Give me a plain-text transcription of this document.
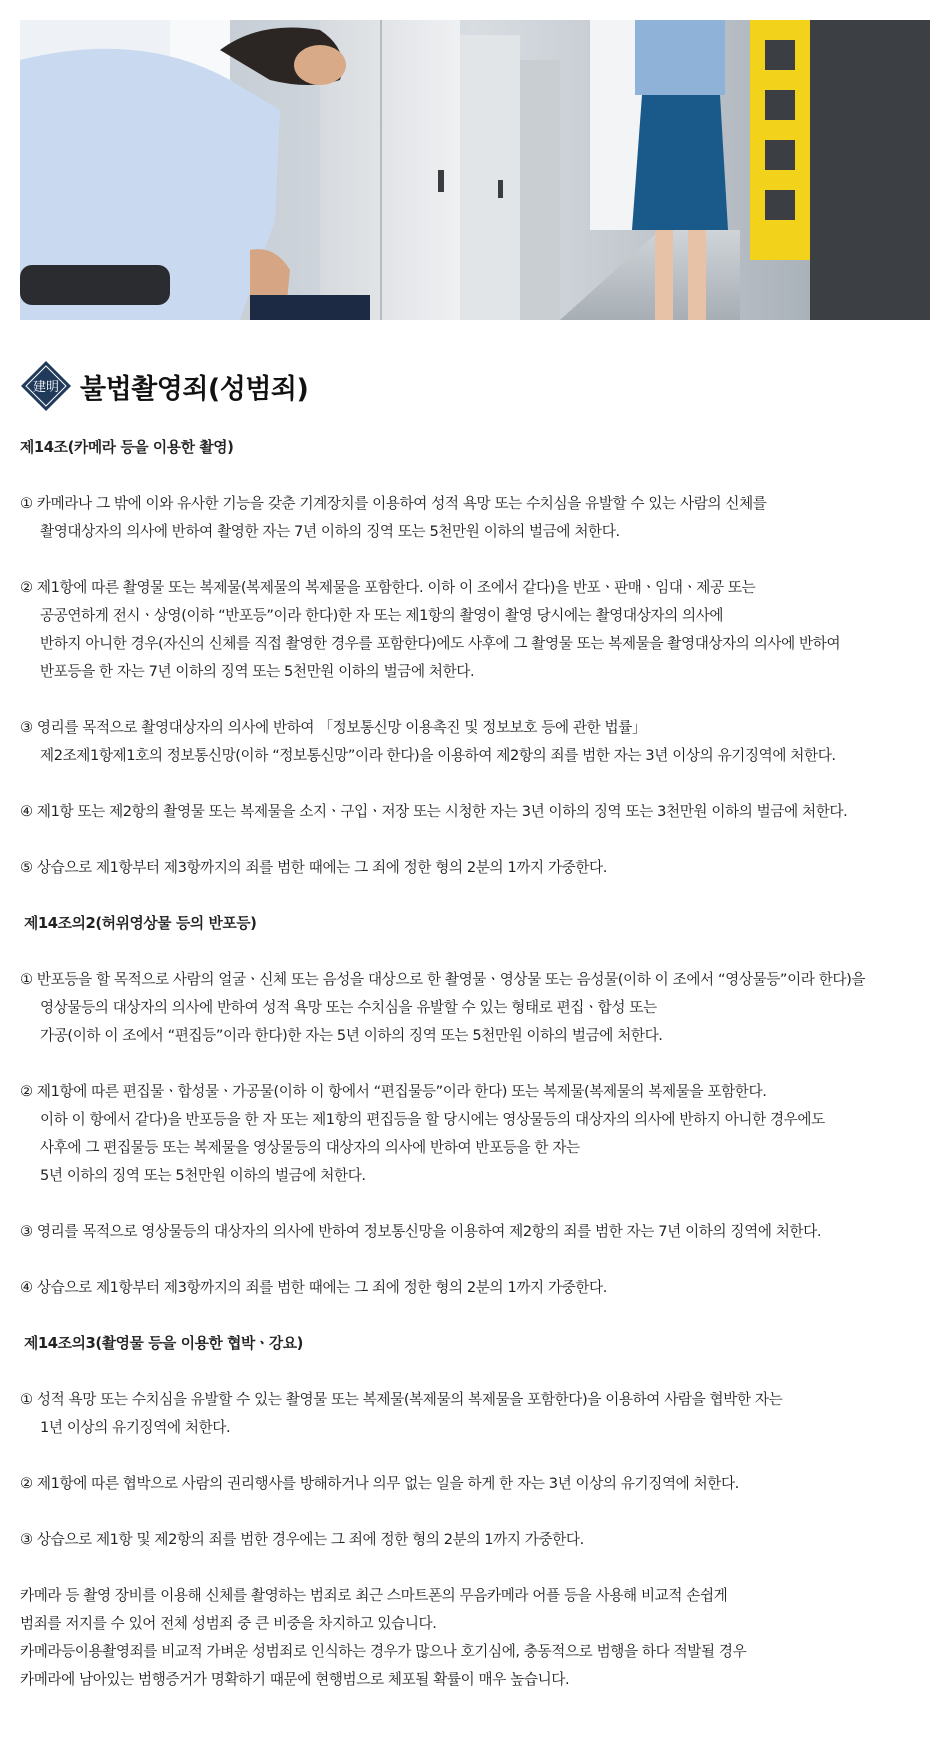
建明 불법촬영죄(성범죄)

제14조(카메라 등을 이용한 촬영)

① 카메라나 그 밖에 이와 유사한 기능을 갖춘 기계장치를 이용하여 성적 욕망 또는 수치심을 유발할 수 있는 사람의 신체를
촬영대상자의 의사에 반하여 촬영한 자는 7년 이하의 징역 또는 5천만원 이하의 벌금에 처한다.
② 제1항에 따른 촬영물 또는 복제물(복제물의 복제물을 포함한다. 이하 이 조에서 같다)을 반포ㆍ판매ㆍ임대ㆍ제공 또는
공공연하게 전시ㆍ상영(이하 “반포등”이라 한다)한 자 또는 제1항의 촬영이 촬영 당시에는 촬영대상자의 의사에
반하지 아니한 경우(자신의 신체를 직접 촬영한 경우를 포함한다)에도 사후에 그 촬영물 또는 복제물을 촬영대상자의 의사에 반하여
반포등을 한 자는 7년 이하의 징역 또는 5천만원 이하의 벌금에 처한다.
③ 영리를 목적으로 촬영대상자의 의사에 반하여 「정보통신망 이용촉진 및 정보보호 등에 관한 법률」
제2조제1항제1호의 정보통신망(이하 “정보통신망”이라 한다)을 이용하여 제2항의 죄를 범한 자는 3년 이상의 유기징역에 처한다.
④ 제1항 또는 제2항의 촬영물 또는 복제물을 소지ㆍ구입ㆍ저장 또는 시청한 자는 3년 이하의 징역 또는 3천만원 이하의 벌금에 처한다.
⑤ 상습으로 제1항부터 제3항까지의 죄를 범한 때에는 그 죄에 정한 형의 2분의 1까지 가중한다.

제14조의2(허위영상물 등의 반포등)

① 반포등을 할 목적으로 사람의 얼굴ㆍ신체 또는 음성을 대상으로 한 촬영물ㆍ영상물 또는 음성물(이하 이 조에서 “영상물등”이라 한다)을
영상물등의 대상자의 의사에 반하여 성적 욕망 또는 수치심을 유발할 수 있는 형태로 편집ㆍ합성 또는
가공(이하 이 조에서 “편집등”이라 한다)한 자는 5년 이하의 징역 또는 5천만원 이하의 벌금에 처한다.
② 제1항에 따른 편집물ㆍ합성물ㆍ가공물(이하 이 항에서 “편집물등”이라 한다) 또는 복제물(복제물의 복제물을 포함한다.
이하 이 항에서 같다)을 반포등을 한 자 또는 제1항의 편집등을 할 당시에는 영상물등의 대상자의 의사에 반하지 아니한 경우에도
사후에 그 편집물등 또는 복제물을 영상물등의 대상자의 의사에 반하여 반포등을 한 자는
5년 이하의 징역 또는 5천만원 이하의 벌금에 처한다.
③ 영리를 목적으로 영상물등의 대상자의 의사에 반하여 정보통신망을 이용하여 제2항의 죄를 범한 자는 7년 이하의 징역에 처한다.
④ 상습으로 제1항부터 제3항까지의 죄를 범한 때에는 그 죄에 정한 형의 2분의 1까지 가중한다.

제14조의3(촬영물 등을 이용한 협박ㆍ강요)

① 성적 욕망 또는 수치심을 유발할 수 있는 촬영물 또는 복제물(복제물의 복제물을 포함한다)을 이용하여 사람을 협박한 자는
1년 이상의 유기징역에 처한다.
② 제1항에 따른 협박으로 사람의 권리행사를 방해하거나 의무 없는 일을 하게 한 자는 3년 이상의 유기징역에 처한다.
③ 상습으로 제1항 및 제2항의 죄를 범한 경우에는 그 죄에 정한 형의 2분의 1까지 가중한다.

카메라 등 촬영 장비를 이용해 신체를 촬영하는 범죄로 최근 스마트폰의 무음카메라 어플 등을 사용해 비교적 손쉽게

범죄를 저지를 수 있어 전체 성범죄 중 큰 비중을 차지하고 있습니다.

카메라등이용촬영죄를 비교적 가벼운 성범죄로 인식하는 경우가 많으나 호기심에, 충동적으로 범행을 하다 적발될 경우

카메라에 남아있는 범행증거가 명확하기 때문에 현행범으로 체포될 확률이 매우 높습니다.
